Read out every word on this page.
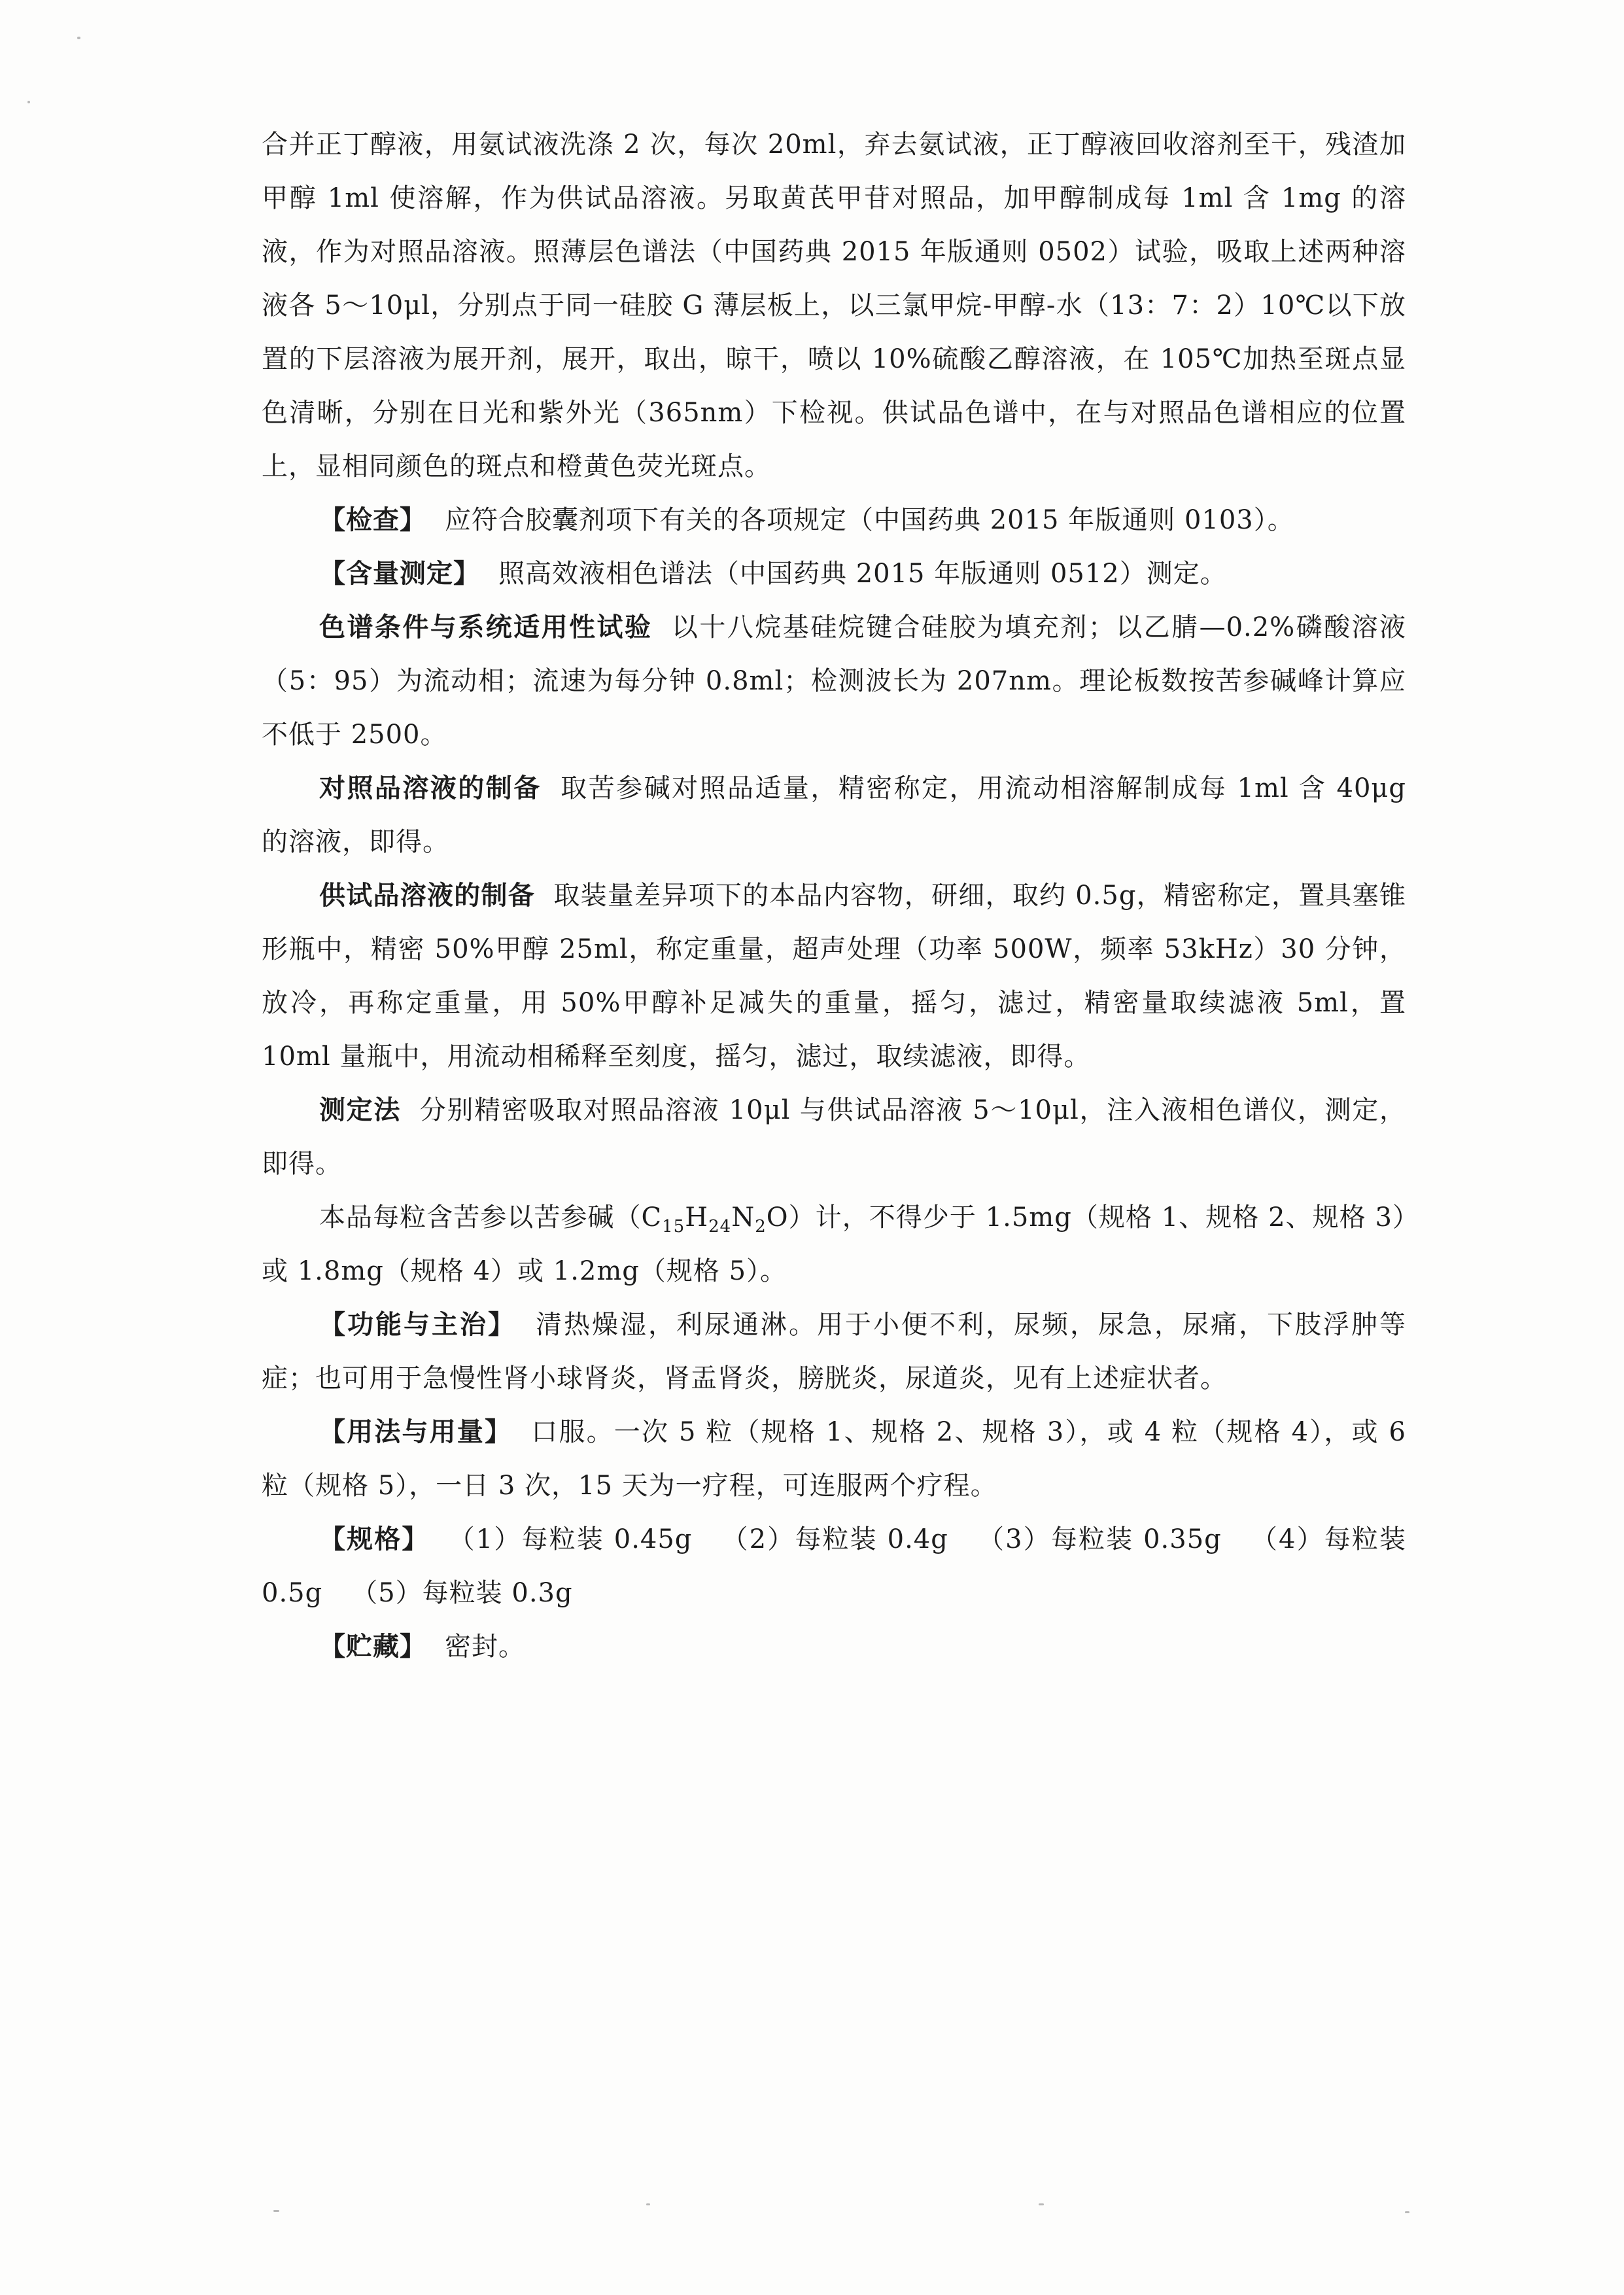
合并正丁醇液，用氨试液洗涤 2 次，每次 20ml，弃去氨试液，正丁醇液回收溶剂至干，残渣加甲醇 1ml 使溶解，作为供试品溶液。另取黄芪甲苷对照品，加甲醇制成每 1ml 含 1mg 的溶液，作为对照品溶液。照薄层色谱法（中国药典 2015 年版通则 0502）试验，吸取上述两种溶液各 5～10μl，分别点于同一硅胶 G 薄层板上，以三氯甲烷-甲醇-水（13：7：2）10℃以下放置的下层溶液为展开剂，展开，取出，晾干，喷以 10%硫酸乙醇溶液，在 105℃加热至斑点显色清晰，分别在日光和紫外光（365nm）下检视。供试品色谱中，在与对照品色谱相应的位置上，显相同颜色的斑点和橙黄色荧光斑点。

【检查】 应符合胶囊剂项下有关的各项规定（中国药典 2015 年版通则 0103）。

【含量测定】 照高效液相色谱法（中国药典 2015 年版通则 0512）测定。

色谱条件与系统适用性试验 以十八烷基硅烷键合硅胶为填充剂；以乙腈—0.2%磷酸溶液（5：95）为流动相；流速为每分钟 0.8ml；检测波长为 207nm。理论板数按苦参碱峰计算应不低于 2500。

对照品溶液的制备 取苦参碱对照品适量，精密称定，用流动相溶解制成每 1ml 含 40μg 的溶液，即得。

供试品溶液的制备 取装量差异项下的本品内容物，研细，取约 0.5g，精密称定，置具塞锥形瓶中，精密 50%甲醇 25ml，称定重量，超声处理（功率 500W，频率 53kHz）30 分钟，放冷，再称定重量，用 50%甲醇补足减失的重量，摇匀，滤过，精密量取续滤液 5ml，置 10ml 量瓶中，用流动相稀释至刻度，摇匀，滤过，取续滤液，即得。

测定法 分别精密吸取对照品溶液 10μl 与供试品溶液 5～10μl，注入液相色谱仪，测定，即得。

本品每粒含苦参以苦参碱$(C_{15}H_{24}N_2O)$计，不得少于 1.5mg（规格 1、规格 2、规格 3）或 1.8mg（规格 4）或 1.2mg（规格 5）。

【功能与主治】 清热燥湿，利尿通淋。用于小便不利，尿频，尿急，尿痛，下肢浮肿等症；也可用于急慢性肾小球肾炎，肾盂肾炎，膀胱炎，尿道炎，见有上述症状者。

【用法与用量】 口服。一次 5 粒（规格 1、规格 2、规格 3），或 4 粒（规格 4），或 6 粒（规格 5），一日 3 次，15 天为一疗程，可连服两个疗程。

【规格】 （1）每粒装 0.45g （2）每粒装 0.4g （3）每粒装 0.35g （4）每粒装 0.5g （5）每粒装 0.3g

【贮藏】 密封。
